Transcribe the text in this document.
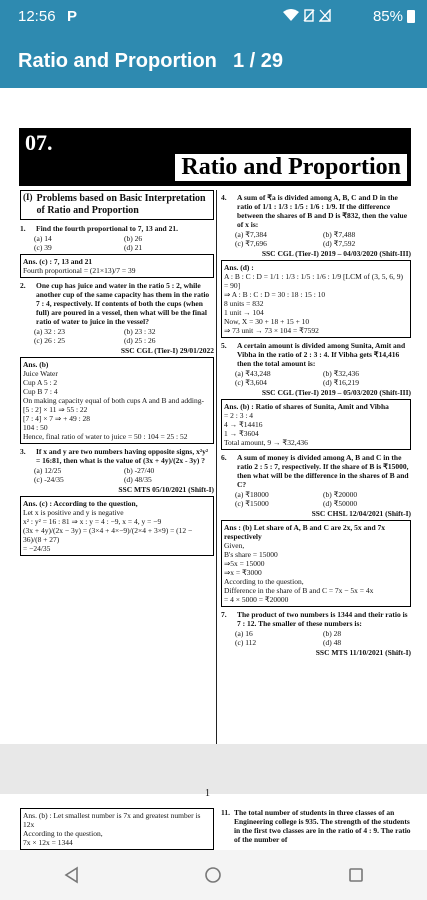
12:56 P	85%
Ratio and Proportion 1 / 29
07.
Ratio and Proportion
(I) Problems based on Basic Interpretation of Ratio and Proportion
1.	Find the fourth proportional to 7, 13 and 21.
(a) 14	(b) 26
(c) 39	(d) 21
Ans. (c) : 7, 13 and 21
Fourth proportional = (21×13)/7 = 39
2.	One cup has juice and water in the ratio 5 : 2, while another cup of the same capacity has them in the ratio 7 : 4, respectively. If contents of both the cups (when full) are poured in a vessel, then what will be the final ratio of water to juice in the vessel?
(a) 32 : 23	(b) 23 : 32
(c) 26 : 25	(d) 25 : 26
SSC CGL (Tier-I) 29/01/2022
Ans. (b)
Juice Water
Cup A 5 : 2
Cup B 7 : 4
On making capacity equal of both cups A and B and adding-
[5 : 2] × 11 ⇒ 55 : 22
[7 : 4] × 7 ⇒ + 49 : 28
104 : 50
Hence, final ratio of water to juice = 50 : 104 = 25 : 52
3.	If x and y are two numbers having opposite signs, x²y² = 16:81, then what is the value of (3x + 4y)/(2x - 3y) ?
(a) 12/25	(b) -27/40
(c) -24/35	(d) 48/35
SSC MTS 05/10/2021 (Shift-I)
Ans. (c) : According to the question,
Let x is positive and y is negative
x² : y² = 16 : 81 ⇒ x : y = 4 : −9, x = 4, y = −9
(3x + 4y)/(2x − 3y) = (3×4 + 4×−9)/(2×4 + 3×9) = (12 − 36)/(8 + 27)
= −24/35
4.	A sum of ₹a is divided among A, B, C and D in the ratio of 1/1 : 1/3 : 1/5 : 1/6 : 1/9. If the difference between the shares of B and D is ₹832, then the value of x is:
(a) ₹7,384	(b) ₹7,488
(c) ₹7,696	(d) ₹7,592
SSC CGL (Tier-I) 2019 – 04/03/2020 (Shift-III)
Ans. (d) :
A : B : C : D = 1/1 : 1/3 : 1/5 : 1/6 : 1/9 [LCM of (3, 5, 6, 9) = 90]
⇒ A : B : C : D = 30 : 18 : 15 : 10
8 units = 832
1 unit → 104
Now, X = 30 + 18 + 15 + 10
⇒ 73 unit → 73 × 104 = ₹7592
5.	A certain amount is divided among Sunita, Amit and Vibha in the ratio of 2 : 3 : 4. If Vibha gets ₹14,416 then the total amount is:
(a) ₹43,248	(b) ₹32,436
(c) ₹3,604	(d) ₹16,219
SSC CGL (Tier-I) 2019 – 05/03/2020 (Shift-III)
Ans. (b) : Ratio of shares of Sunita, Amit and Vibha
= 2 : 3 : 4
4 → ₹14416
1 → ₹3604
Total amount, 9 → ₹32,436
6.	A sum of money is divided among A, B and C in the ratio 2 : 5 : 7, respectively. If the share of B is ₹15000, then what will be the difference in the shares of B and C?
(a) ₹18000	(b) ₹20000
(c) ₹15000	(d) ₹50000
SSC CHSL 12/04/2021 (Shift-I)
Ans : (b) Let share of A, B and C are 2x, 5x and 7x respectively
Given,
B's share = 15000
⇒5x = 15000
⇒x = ₹3000
According to the question,
Difference in the share of B and C = 7x − 5x = 4x
= 4 × 5000 = ₹20000
7.	The product of two numbers is 1344 and their ratio is 7 : 12. The smaller of these numbers is:
(a) 16	(b) 28
(c) 112	(d) 48
SSC MTS 11/10/2021 (Shift-I)
Ans. (b) : Let smallest number is 7x and greatest number is 12x
According to the question,
7x × 12x = 1344
11. The total number of students in three classes of an Engineering college is 935. The strength of the students in the first two classes are in the ratio of 4 : 9. The ratio of the number of
1
